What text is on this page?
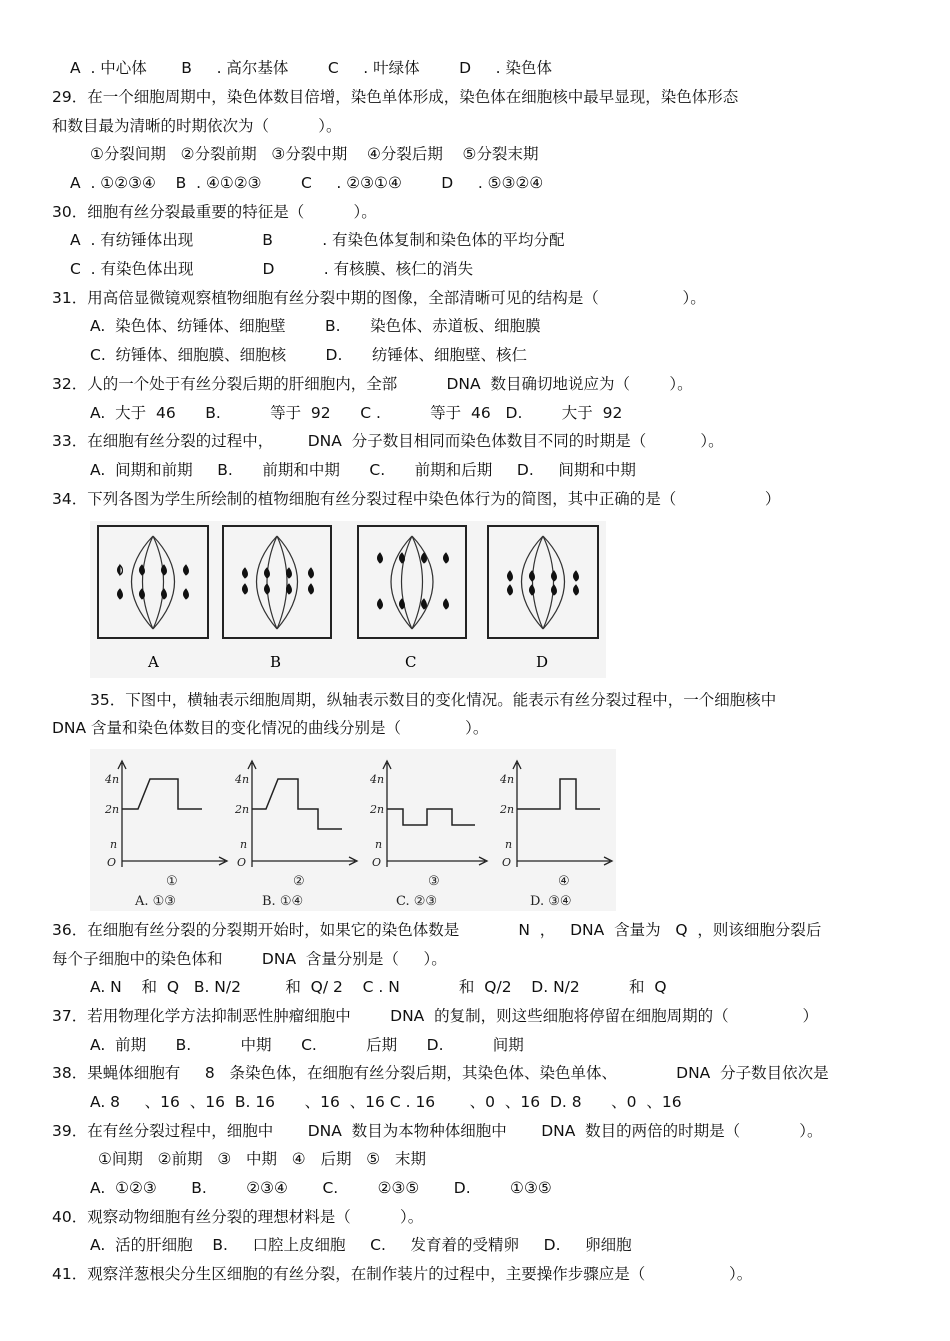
A  . 中心体       B     . 高尔基体        C     . 叶绿体        D     . 染色体
29．在一个细胞周期中，染色体数目倍增，染色单体形成，染色体在细胞核中最早显现，染色体形态
和数目最为清晰的时期依次为（          ）。
①分裂间期   ②分裂前期   ③分裂中期    ④分裂后期    ⑤分裂末期
A  . ①②③④    B  . ④①②③        C     . ②③①④        D     . ⑤③②④
30．细胞有丝分裂最重要的特征是（          ）。
A  . 有纺锤体出现              B          . 有染色体复制和染色体的平均分配
C  . 有染色体出现              D          . 有核膜、核仁的消失
31．用高倍显微镜观察植物细胞有丝分裂中期的图像，全部清晰可见的结构是（                 ）。
A.  染色体、纺锤体、细胞壁        B.      染色体、赤道板、细胞膜
C.  纺锤体、细胞膜、细胞核        D.      纺锤体、细胞壁、核仁
32．人的一个处于有丝分裂后期的肝细胞内，全部          DNA  数目确切地说应为（        ）。
A.  大于  46      B.          等于  92      C .          等于  46   D.        大于  92
33．在细胞有丝分裂的过程中，       DNA  分子数目相同而染色体数目不同的时期是（           ）。
A.  间期和前期     B.      前期和中期      C.      前期和后期     D.     间期和中期
34．下列各图为学生所绘制的植物细胞有丝分裂过程中染色体行为的简图，其中正确的是（                  ）
A	B	C	D
35．下图中，横轴表示细胞周期，纵轴表示数目的变化情况。能表示有丝分裂过程中，一个细胞核中
DNA 含量和染色体数目的变化情况的曲线分别是（             ）。
4n
2n
n
O
4n
2n
n
O
4n
2n
n
O
4n
2n
n
O
①	②	③	④
A. ①③	B. ①④	C. ②③	D. ③④
36．在细胞有丝分裂的分裂期开始时，如果它的染色体数是            N  ，   DNA  含量为   Q  ，则该细胞分裂后
每个子细胞中的染色体和        DNA  含量分别是（     ）。
A. N    和  Q   B. N/2         和  Q/ 2    C . N            和  Q/2    D. N/2          和  Q
37．若用物理化学方法抑制恶性肿瘤细胞中        DNA  的复制，则这些细胞将停留在细胞周期的（               ）
A.  前期      B.          中期      C.          后期      D.          间期
38．果蝇体细胞有     8   条染色体，在细胞有丝分裂后期，其染色体、染色单体、            DNA  分子数目依次是
A. 8     、16  、16  B. 16      、16  、16 C . 16       、0  、16  D. 8      、0  、16
39．在有丝分裂过程中，细胞中       DNA  数目为本物种体细胞中       DNA  数目的两倍的时期是（            ）。
①间期   ②前期   ③   中期   ④   后期   ⑤   末期
A.  ①②③       B.        ②③④       C.        ②③⑤       D.        ①③⑤
40．观察动物细胞有丝分裂的理想材料是（          ）。
A.  活的肝细胞    B.     口腔上皮细胞     C.     发育着的受精卵     D.     卵细胞
41．观察洋葱根尖分生区细胞的有丝分裂，在制作装片的过程中，主要操作步骤应是（                 ）。
